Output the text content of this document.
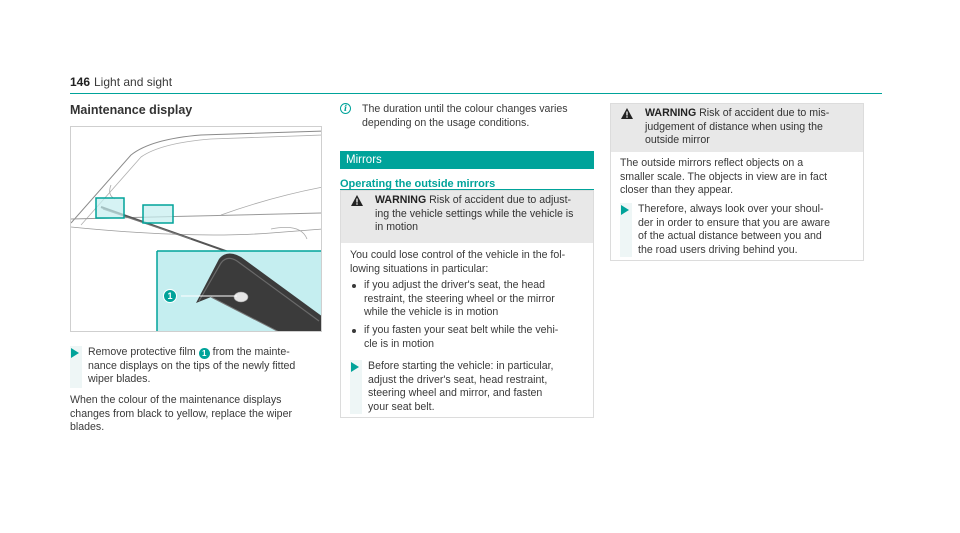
146 Light and sight
Maintenance display
1
Remove protective film 1 from the mainte-
nance displays on the tips of the newly fitted
wiper blades.
When the colour of the maintenance displays
changes from black to yellow, replace the wiper
blades.
i	The duration until the colour changes varies
depending on the usage conditions.
Mirrors
Operating the outside mirrors
WARNING Risk of accident due to adjust-
ing the vehicle settings while the vehicle is
in motion
You could lose control of the vehicle in the fol-
lowing situations in particular:
if you adjust the driver's seat, the head
restraint, the steering wheel or the mirror
while the vehicle is in motion
if you fasten your seat belt while the vehi-
cle is in motion
Before starting the vehicle: in particular,
adjust the driver's seat, head restraint,
steering wheel and mirror, and fasten
your seat belt.
WARNING Risk of accident due to mis-
judgement of distance when using the
outside mirror
The outside mirrors reflect objects on a
smaller scale. The objects in view are in fact
closer than they appear.
Therefore, always look over your shoul-
der in order to ensure that you are aware
of the actual distance between you and
the road users driving behind you.
